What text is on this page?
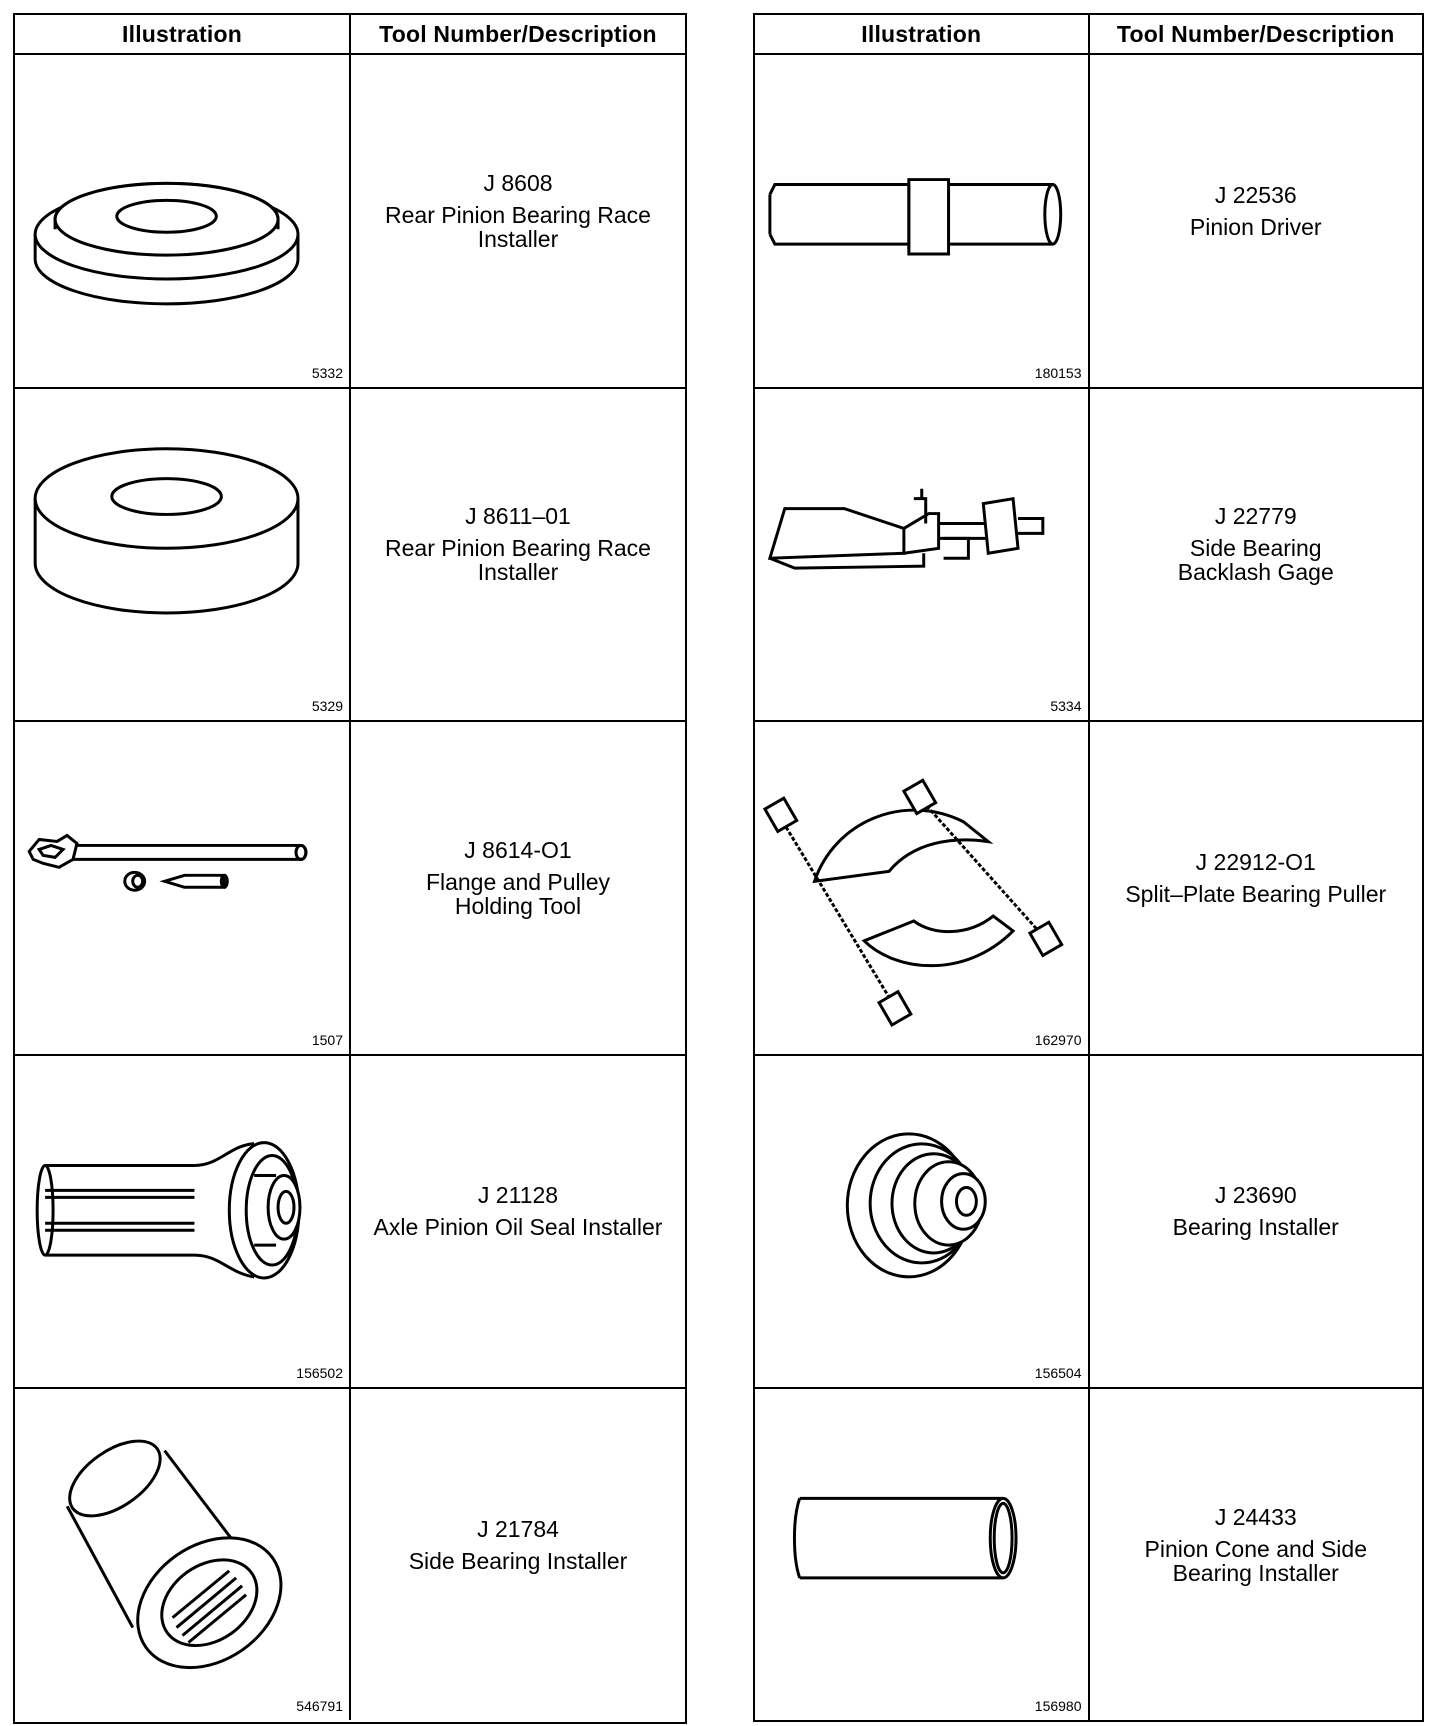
Illustration	Tool Number/Description
5332
J 8608
Rear Pinion Bearing Race
Installer
5329
J 8611–01
Rear Pinion Bearing Race
Installer
1507
J 8614-O1
Flange and Pulley
Holding Tool
156502
J 21128
Axle Pinion Oil Seal Installer
546791
J 21784
Side Bearing Installer
Illustration	Tool Number/Description
180153
J 22536
Pinion Driver
5334
J 22779
Side Bearing
Backlash Gage
162970
J 22912-O1
Split–Plate Bearing Puller
156504
J 23690
Bearing Installer
156980
J 24433
Pinion Cone and Side
Bearing Installer
